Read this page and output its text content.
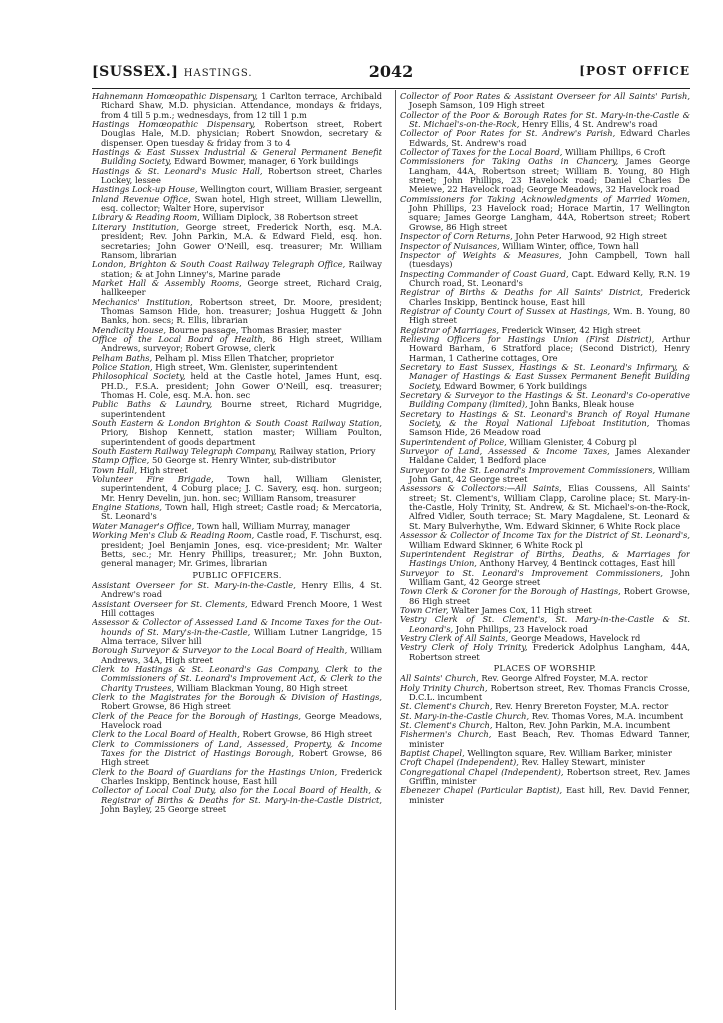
[SUSSEX.] HASTINGS.	2042	[POST OFFICE

Hahnemann Homœopathic Dispensary, 1 Carlton terrace, Archibald Richard Shaw, M.D. physician. Attendance, mondays & fridays, from 4 till 5 p.m.; wednesdays, from 12 till 1 p.m

Hastings Homœopathic Dispensary, Robertson street, Robert Douglas Hale, M.D. physician; Robert Snowdon, secretary & dispenser. Open tuesday & friday from 3 to 4

Hastings & East Sussex Industrial & General Permanent Benefit Building Society, Edward Bowmer, manager, 6 York buildings

Hastings & St. Leonard's Music Hall, Robertson street, Charles Lockey, lessee

Hastings Lock-up House, Wellington court, William Brasier, sergeant

Inland Revenue Office, Swan hotel, High street, William Llewellin, esq. collector; Walter Hore, supervisor

Library & Reading Room, William Diplock, 38 Robertson street

Literary Institution, George street, Frederick North, esq. M.A. president; Rev. John Parkin, M.A. & Edward Field, esq. hon. secretaries; John Gower O'Neill, esq. treasurer; Mr. William Ransom, librarian

London, Brighton & South Coast Railway Telegraph Office, Railway station; & at John Linney's, Marine parade

Market Hall & Assembly Rooms, George street, Richard Craig, hallkeeper

Mechanics' Institution, Robertson street, Dr. Moore, president; Thomas Samson Hide, hon. treasurer; Joshua Huggett & John Banks, hon. secs; R. Ellis, librarian

Mendicity House, Bourne passage, Thomas Brasier, master

Office of the Local Board of Health, 86 High street, William Andrews, surveyor; Robert Growse, clerk

Pelham Baths, Pelham pl. Miss Ellen Thatcher, proprietor

Police Station, High street, Wm. Glenister, superintendent

Philosophical Society, held at the Castle hotel, James Hunt, esq. PH.D., F.S.A. president; John Gower O'Neill, esq. treasurer; Thomas H. Cole, esq. M.A. hon. sec

Public Baths & Laundry, Bourne street, Richard Mugridge, superintendent

South Eastern & London Brighton & South Coast Railway Station, Priory, Bishop Kennett, station master; William Poulton, superintendent of goods department

South Eastern Railway Telegraph Company, Railway station, Priory

Stamp Office, 50 George st. Henry Winter, sub-distributor

Town Hall, High street

Volunteer Fire Brigade, Town hall, William Glenister, superintendent, 4 Coburg place; J. C. Savery, esq. hon. surgeon; Mr. Henry Develin, jun. hon. sec; William Ransom, treasurer

Engine Stations, Town hall, High street; Castle road; & Mercatoria, St. Leonard's

Water Manager's Office, Town hall, William Murray, manager

Working Men's Club & Reading Room, Castle road, F. Tischurst, esq. president; Joel Benjamin Jones, esq. vice-president; Mr. Walter Betts, sec.; Mr. Henry Phillips, treasurer,; Mr. John Buxton, general manager; Mr. Grimes, librarian

PUBLIC OFFICERS.

Assistant Overseer for St. Mary-in-the-Castle, Henry Ellis, 4 St. Andrew's road

Assistant Overseer for St. Clements, Edward French Moore, 1 West Hill cottages

Assessor & Collector of Assessed Land & Income Taxes for the Out-hounds of St. Mary's-in-the-Castle, William Lutner Langridge, 15 Alma terrace, Silver hill

Borough Surveyor & Surveyor to the Local Board of Health, William Andrews, 34A, High street

Clerk to Hastings & St. Leonard's Gas Company, Clerk to the Commissioners of St. Leonard's Improvement Act, & Clerk to the Charity Trustees, William Blackman Young, 80 High street

Clerk to the Magistrates for the Borough & Division of Hastings, Robert Growse, 86 High street

Clerk of the Peace for the Borough of Hastings, George Meadows, Havelock road

Clerk to the Local Board of Health, Robert Growse, 86 High street

Clerk to Commissioners of Land, Assessed, Property, & Income Taxes for the District of Hastings Borough, Robert Growse, 86 High street

Clerk to the Board of Guardians for the Hastings Union, Frederick Charles Inskipp, Bentinck house, East hill

Collector of Local Coal Duty, also for the Local Board of Health, & Registrar of Births & Deaths for St. Mary-in-the-Castle District, John Bayley, 25 George street

Collector of Poor Rates & Assistant Overseer for All Saints' Parish, Joseph Samson, 109 High street

Collector of the Poor & Borough Rates for St. Mary-in-the-Castle & St. Michael's-on-the-Rock, Henry Ellis, 4 St. Andrew's road

Collector of Poor Rates for St. Andrew's Parish, Edward Charles Edwards, St. Andrew's road

Collector of Taxes for the Local Board, William Phillips, 6 Croft

Commissioners for Taking Oaths in Chancery, James George Langham, 44A, Robertson street; William B. Young, 80 High street; John Phillips, 23 Havelock road; Daniel Charles De Meiewe, 22 Havelock road; George Meadows, 32 Havelock road

Commissioners for Taking Acknowledgments of Married Women, John Phillips, 23 Havelock road; Horace Martin, 17 Wellington square; James George Langham, 44A, Robertson street; Robert Growse, 86 High street

Inspector of Corn Returns, John Peter Harwood, 92 High street

Inspector of Nuisances, William Winter, office, Town hall

Inspector of Weights & Measures, John Campbell, Town hall (tuesdays)

Inspecting Commander of Coast Guard, Capt. Edward Kelly, R.N. 19 Church road, St. Leonard's

Registrar of Births & Deaths for All Saints' District, Frederick Charles Inskipp, Bentinck house, East hill

Registrar of County Court of Sussex at Hastings, Wm. B. Young, 80 High street

Registrar of Marriages, Frederick Winser, 42 High street

Relieving Officers for Hastings Union (First District), Arthur Howard Barham, 6 Stratford place; (Second District), Henry Harman, 1 Catherine cottages, Ore

Secretary to East Sussex, Hastings & St. Leonard's Infirmary, & Manager of Hastings & East Sussex Permanent Benefit Building Society, Edward Bowmer, 6 York buildings

Secretary & Surveyor to the Hastings & St. Leonard's Co-operative Building Company (limited), John Banks, Bleak house

Secretary to Hastings & St. Leonard's Branch of Royal Humane Society, & the Royal National Lifeboat Institution, Thomas Samson Hide, 26 Meadow road

Superintendent of Police, William Glenister, 4 Coburg pl

Surveyor of Land, Assessed & Income Taxes, James Alexander Haldane Calder, 1 Bedford place

Surveyor to the St. Leonard's Improvement Commissioners, William John Gant, 42 George street

Assessors & Collectors:—All Saints, Elias Coussens, All Saints' street; St. Clement's, William Clapp, Caroline place; St. Mary-in-the-Castle, Holy Trinity, St. Andrew, & St. Michael's-on-the-Rock, Alfred Vidler, South terrace; St. Mary Magdalene, St. Leonard & St. Mary Bulverhythe, Wm. Edward Skinner, 6 White Rock place

Assessor & Collector of Income Tax for the District of St. Leonard's, William Edward Skinner, 6 White Rock pl

Superintendent Registrar of Births, Deaths, & Marriages for Hastings Union, Anthony Harvey, 4 Bentinck cottages, East hill

Surveyor to St. Leonard's Improvement Commissioners, John William Gant, 42 George street

Town Clerk & Coroner for the Borough of Hastings, Robert Growse, 86 High street

Town Crier, Walter James Cox, 11 High street

Vestry Clerk of St. Clement's, St. Mary-in-the-Castle & St. Leonard's, John Phillips, 23 Havelock road

Vestry Clerk of All Saints, George Meadows, Havelock rd

Vestry Clerk of Holy Trinity, Frederick Adolphus Langham, 44A, Robertson street

PLACES OF WORSHIP.

All Saints' Church, Rev. George Alfred Foyster, M.A. rector

Holy Trinity Church, Robertson street, Rev. Thomas Francis Crosse, D.C.L. incumbent

St. Clement's Church, Rev. Henry Brereton Foyster, M.A. rector

St. Mary-in-the-Castle Church, Rev. Thomas Vores, M.A. incumbent

St. Clement's Church, Halton, Rev. John Parkin, M.A. incumbent

Fishermen's Church, East Beach, Rev. Thomas Edward Tanner, minister

Baptist Chapel, Wellington square, Rev. William Barker, minister

Croft Chapel (Independent), Rev. Halley Stewart, minister

Congregational Chapel (Independent), Robertson street, Rev. James Griffin, minister

Ebenezer Chapel (Particular Baptist), East hill, Rev. David Fenner, minister
